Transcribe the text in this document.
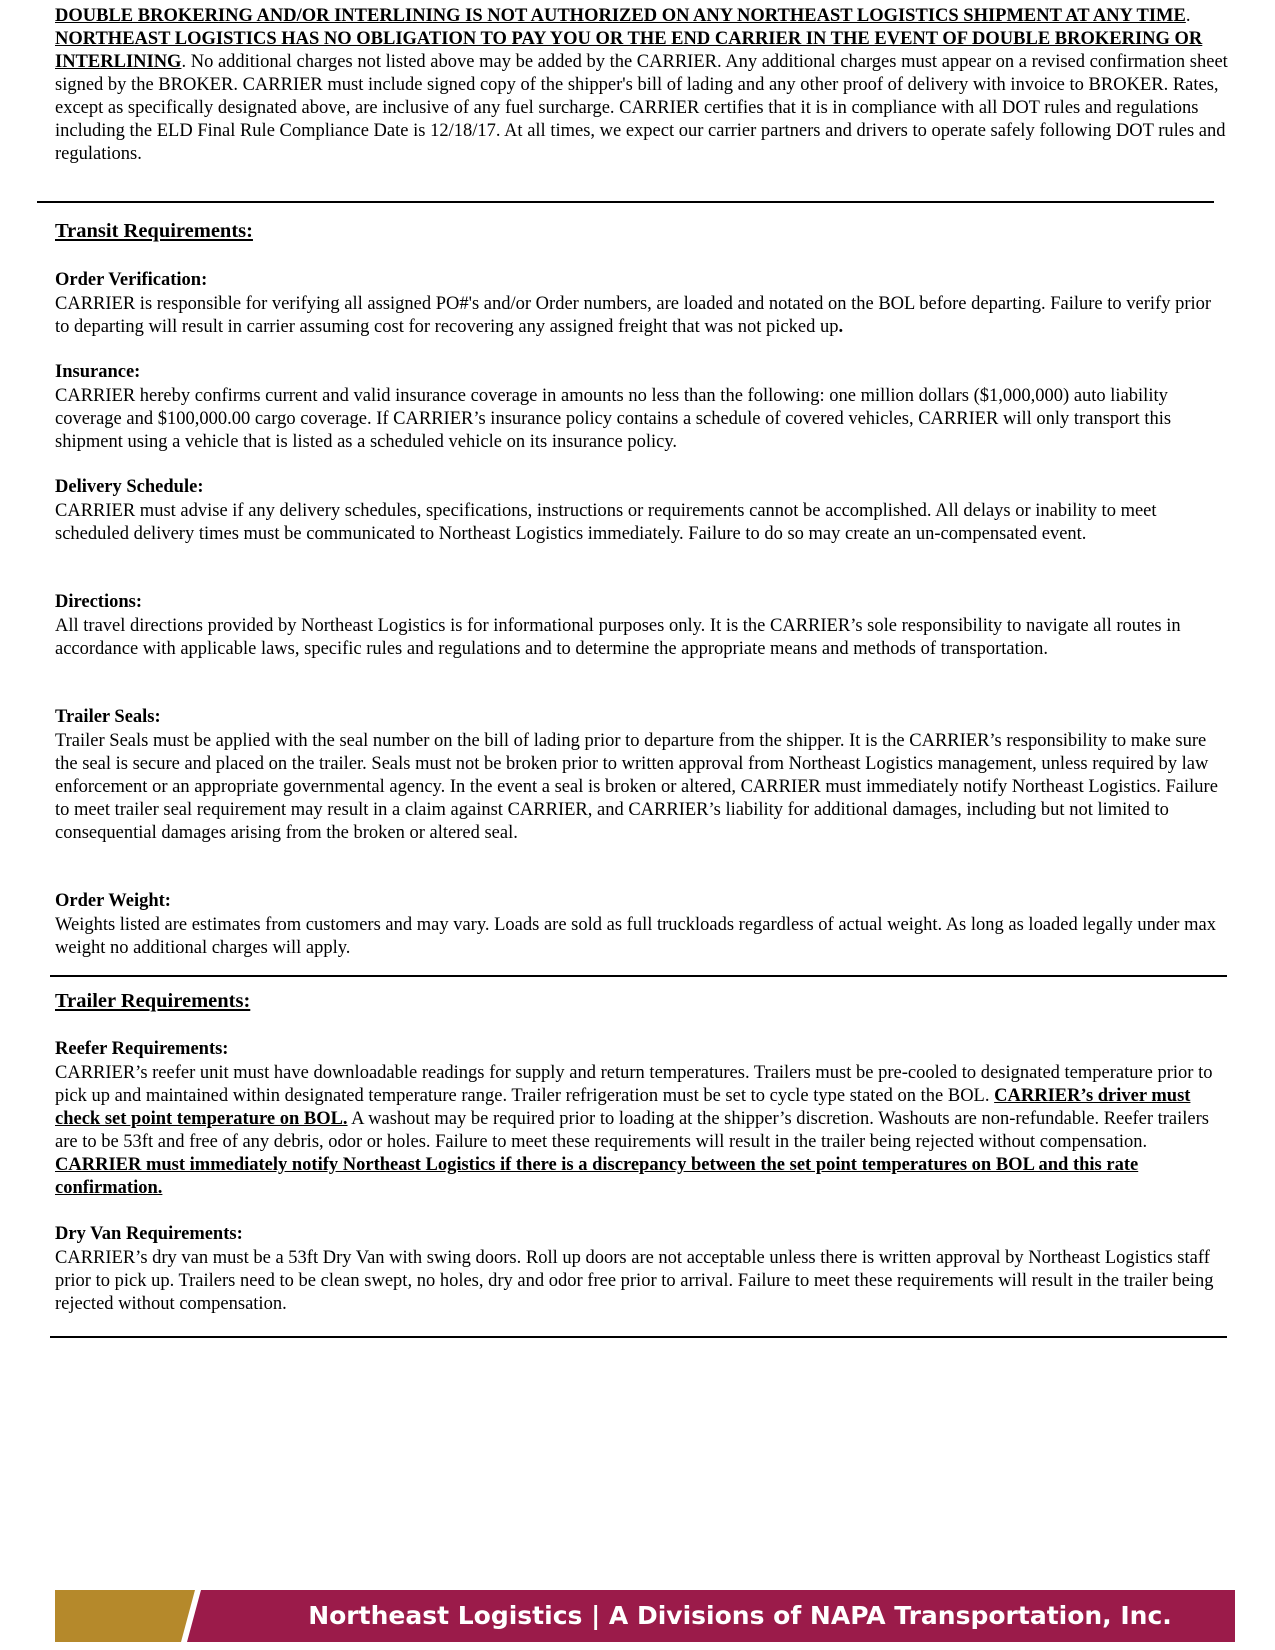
DOUBLE BROKERING AND/OR INTERLINING IS NOT AUTHORIZED ON ANY NORTHEAST LOGISTICS SHIPMENT AT ANY TIME. NORTHEAST LOGISTICS HAS NO OBLIGATION TO PAY YOU OR THE END CARRIER IN THE EVENT OF DOUBLE BROKERING OR INTERLINING. No additional charges not listed above may be added by the CARRIER. Any additional charges must appear on a revised confirmation sheet signed by the BROKER. CARRIER must include signed copy of the shipper's bill of lading and any other proof of delivery with invoice to BROKER. Rates, except as specifically designated above, are inclusive of any fuel surcharge. CARRIER certifies that it is in compliance with all DOT rules and regulations including the ELD Final Rule Compliance Date is 12/18/17. At all times, we expect our carrier partners and drivers to operate safely following DOT rules and regulations.

Transit Requirements:
Order Verification:

CARRIER is responsible for verifying all assigned PO#'s and/or Order numbers, are loaded and notated on the BOL before departing. Failure to verify prior to departing will result in carrier assuming cost for recovering any assigned freight that was not picked up.

Insurance:

CARRIER hereby confirms current and valid insurance coverage in amounts no less than the following: one million dollars ($1,000,000) auto liability coverage and $100,000.00 cargo coverage. If CARRIER’s insurance policy contains a schedule of covered vehicles, CARRIER will only transport this shipment using a vehicle that is listed as a scheduled vehicle on its insurance policy.

Delivery Schedule:

CARRIER must advise if any delivery schedules, specifications, instructions or requirements cannot be accomplished. All delays or inability to meet scheduled delivery times must be communicated to Northeast Logistics immediately. Failure to do so may create an un-compensated event.

Directions:

All travel directions provided by Northeast Logistics is for informational purposes only. It is the CARRIER’s sole responsibility to navigate all routes in accordance with applicable laws, specific rules and regulations and to determine the appropriate means and methods of transportation.

Trailer Seals:

Trailer Seals must be applied with the seal number on the bill of lading prior to departure from the shipper. It is the CARRIER’s responsibility to make sure the seal is secure and placed on the trailer. Seals must not be broken prior to written approval from Northeast Logistics management, unless required by law enforcement or an appropriate governmental agency. In the event a seal is broken or altered, CARRIER must immediately notify Northeast Logistics. Failure to meet trailer seal requirement may result in a claim against CARRIER, and CARRIER’s liability for additional damages, including but not limited to consequential damages arising from the broken or altered seal.

Order Weight:

Weights listed are estimates from customers and may vary. Loads are sold as full truckloads regardless of actual weight. As long as loaded legally under max weight no additional charges will apply.

Trailer Requirements:
Reefer Requirements:

CARRIER’s reefer unit must have downloadable readings for supply and return temperatures. Trailers must be pre-cooled to designated temperature prior to pick up and maintained within designated temperature range. Trailer refrigeration must be set to cycle type stated on the BOL. CARRIER’s driver must check set point temperature on BOL. A washout may be required prior to loading at the shipper’s discretion. Washouts are non-refundable. Reefer trailers are to be 53ft and free of any debris, odor or holes. Failure to meet these requirements will result in the trailer being rejected without compensation. CARRIER must immediately notify Northeast Logistics if there is a discrepancy between the set point temperatures on BOL and this rate confirmation.

Dry Van Requirements:

CARRIER’s dry van must be a 53ft Dry Van with swing doors. Roll up doors are not acceptable unless there is written approval by Northeast Logistics staff prior to pick up. Trailers need to be clean swept, no holes, dry and odor free prior to arrival. Failure to meet these requirements will result in the trailer being rejected without compensation.

Northeast Logistics | A Divisions of NAPA Transportation, Inc.
